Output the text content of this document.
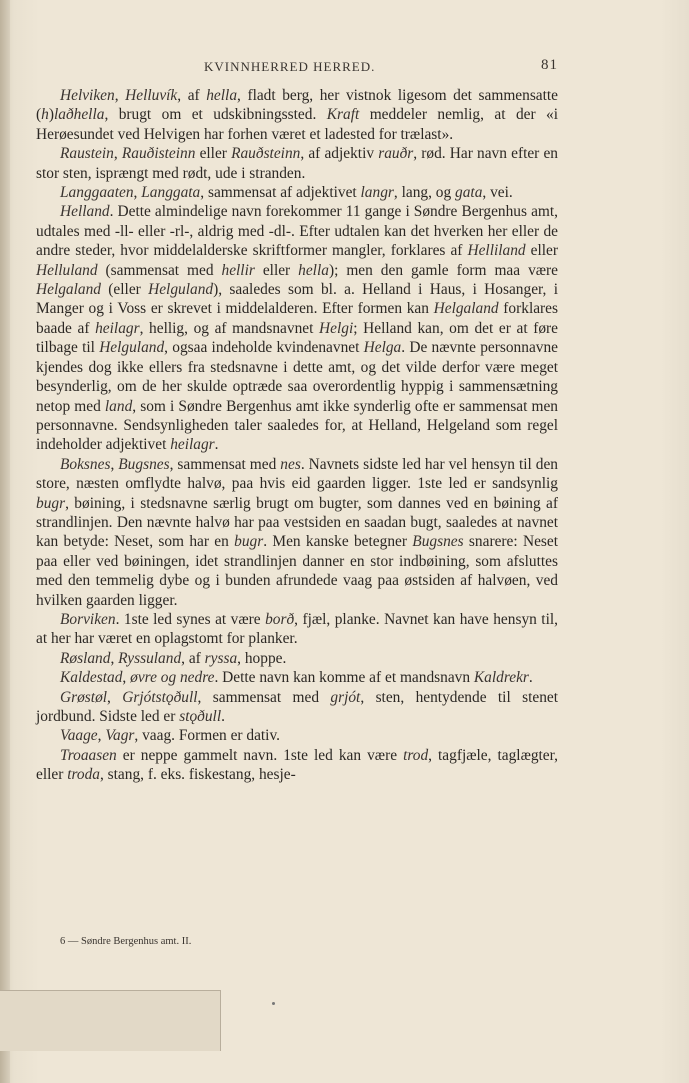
KVINNHERRED HERRED.	81

Helviken, Helluvík, af hella, fladt berg, her vistnok ligesom det sammensatte (h)laðhella, brugt om et udskibningssted. Kraft meddeler nemlig, at der «i Herøesundet ved Helvigen har forhen været et ladested for trælast».

Raustein, Rauðisteinn eller Rauðsteinn, af adjektiv rauðr, rød. Har navn efter en stor sten, isprængt med rødt, ude i stranden.

Langgaaten, Langgata, sammensat af adjektivet langr, lang, og gata, vei.

Helland. Dette almindelige navn forekommer 11 gange i Søndre Bergenhus amt, udtales med -ll- eller -rl-, aldrig med -dl-. Efter udtalen kan det hverken her eller de andre steder, hvor middelalderske skriftformer mangler, forklares af Helliland eller Helluland (sammensat med hellir eller hella); men den gamle form maa være Helgaland (eller Helguland), saaledes som bl. a. Helland i Haus, i Hosanger, i Manger og i Voss er skrevet i middelalderen. Efter formen kan Helgaland forklares baade af heilagr, hellig, og af mandsnavnet Helgi; Helland kan, om det er at føre tilbage til Helguland, ogsaa indeholde kvindenavnet Helga. De nævnte personnavne kjendes dog ikke ellers fra stedsnavne i dette amt, og det vilde derfor være meget besynderlig, om de her skulde optræde saa overordentlig hyppig i sammensætning netop med land, som i Søndre Bergenhus amt ikke synderlig ofte er sammensat men personnavne. Sendsynligheden taler saaledes for, at Helland, Helgeland som regel indeholder adjektivet heilagr.

Boksnes, Bugsnes, sammensat med nes. Navnets sidste led har vel hensyn til den store, næsten omflydte halvø, paa hvis eid gaarden ligger. 1ste led er sandsynlig bugr, bøining, i stedsnavne særlig brugt om bugter, som dannes ved en bøining af strandlinjen. Den nævnte halvø har paa vestsiden en saadan bugt, saaledes at navnet kan betyde: Neset, som har en bugr. Men kanske betegner Bugsnes snarere: Neset paa eller ved bøiningen, idet strandlinjen danner en stor indbøining, som afsluttes med den temmelig dybe og i bunden afrundede vaag paa østsiden af halvøen, ved hvilken gaarden ligger.

Borviken. 1ste led synes at være borð, fjæl, planke. Navnet kan have hensyn til, at her har været en oplagstomt for planker.

Røsland, Ryssuland, af ryssa, hoppe.

Kaldestad, øvre og nedre. Dette navn kan komme af et mandsnavn Kaldrekr.

Grøstøl, Grjótstǫðull, sammensat med grjót, sten, hentydende til stenet jordbund. Sidste led er stǫðull.

Vaage, Vagr, vaag. Formen er dativ.

Troaasen er neppe gammelt navn. 1ste led kan være trod, tagfjæle, taglægter, eller troda, stang, f. eks. fiskestang, hesje-

6 — Søndre Bergenhus amt. II.
